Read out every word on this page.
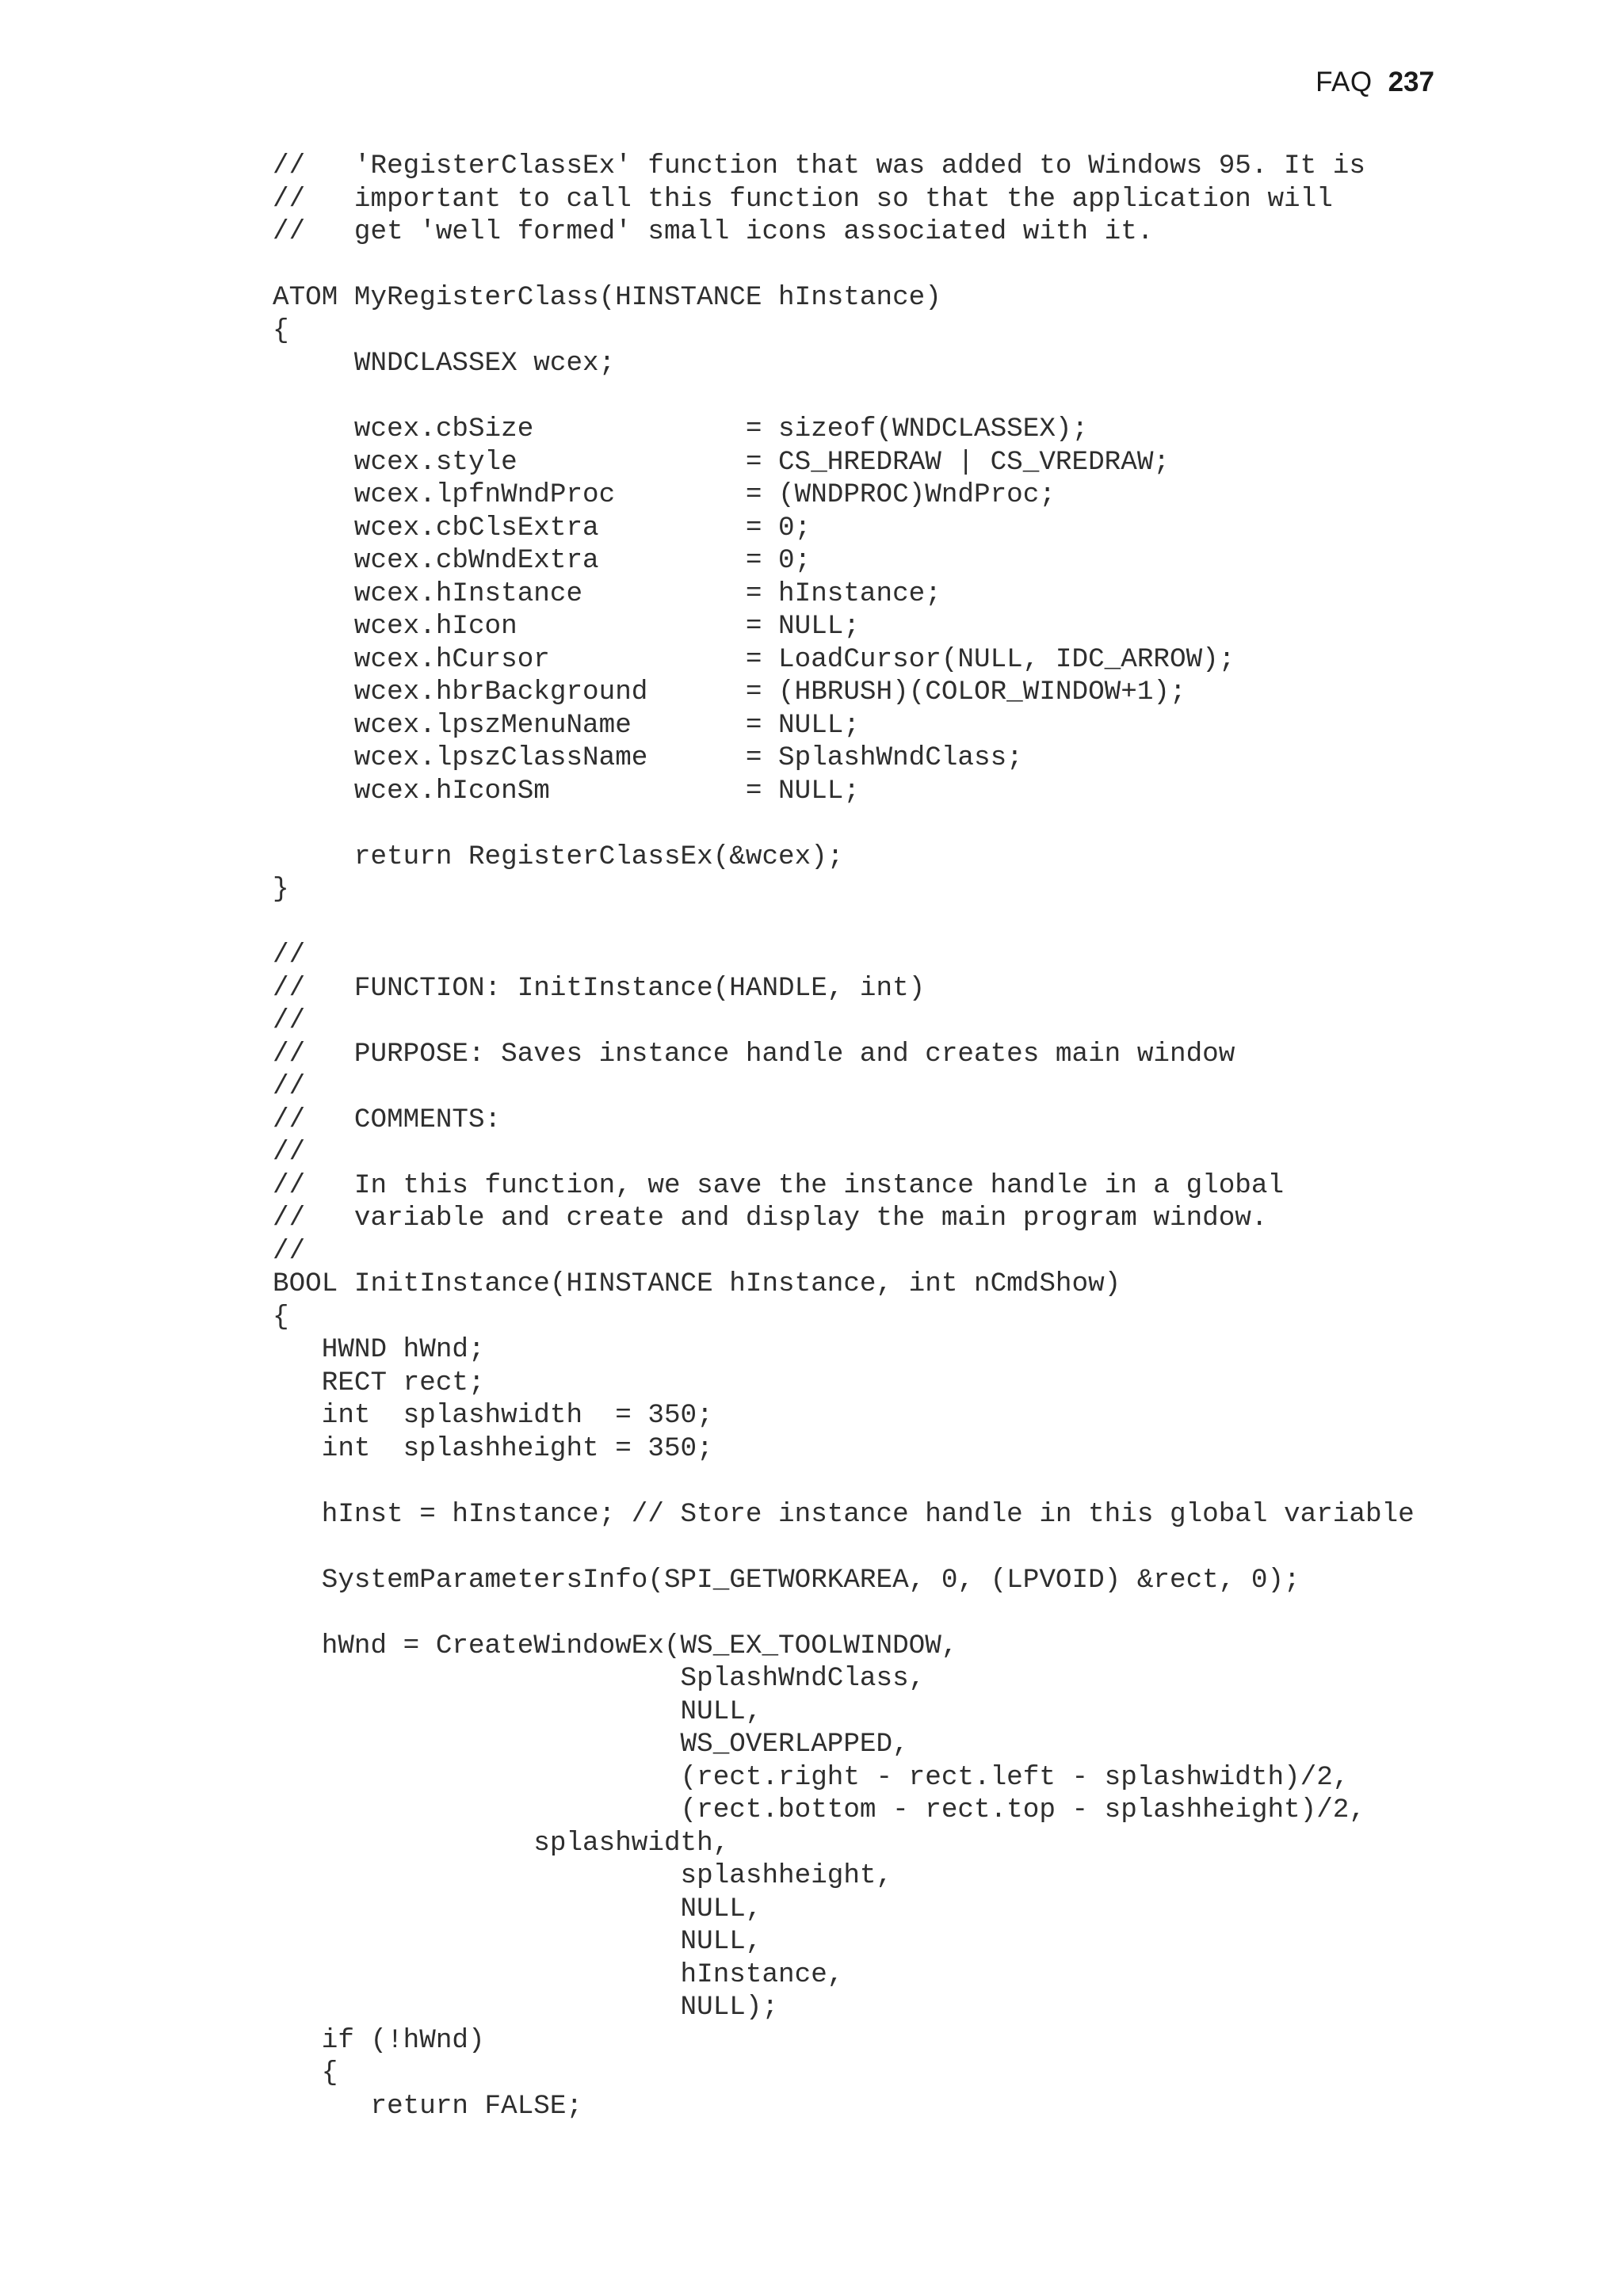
FAQ 237
//   'RegisterClassEx' function that was added to Windows 95. It is
//   important to call this function so that the application will
//   get 'well formed' small icons associated with it.

ATOM MyRegisterClass(HINSTANCE hInstance)
{
WNDCLASSEX wcex;

wcex.cbSize             = sizeof(WNDCLASSEX);
wcex.style              = CS_HREDRAW | CS_VREDRAW;
wcex.lpfnWndProc        = (WNDPROC)WndProc;
wcex.cbClsExtra         = 0;
wcex.cbWndExtra         = 0;
wcex.hInstance          = hInstance;
wcex.hIcon              = NULL;
wcex.hCursor            = LoadCursor(NULL, IDC_ARROW);
wcex.hbrBackground      = (HBRUSH)(COLOR_WINDOW+1);
wcex.lpszMenuName       = NULL;
wcex.lpszClassName      = SplashWndClass;
wcex.hIconSm            = NULL;

return RegisterClassEx(&wcex);
}

//
//   FUNCTION: InitInstance(HANDLE, int)
//
//   PURPOSE: Saves instance handle and creates main window
//
//   COMMENTS:
//
//   In this function, we save the instance handle in a global
//   variable and create and display the main program window.
//
BOOL InitInstance(HINSTANCE hInstance, int nCmdShow)
{
HWND hWnd;
RECT rect;
int  splashwidth  = 350;
int  splashheight = 350;

hInst = hInstance; // Store instance handle in this global variable

SystemParametersInfo(SPI_GETWORKAREA, 0, (LPVOID) &rect, 0);

hWnd = CreateWindowEx(WS_EX_TOOLWINDOW,
SplashWndClass,
NULL,
WS_OVERLAPPED,
(rect.right - rect.left - splashwidth)/2,
(rect.bottom - rect.top - splashheight)/2,
splashwidth,
splashheight,
NULL,
NULL,
hInstance,
NULL);
if (!hWnd)
{
return FALSE;
